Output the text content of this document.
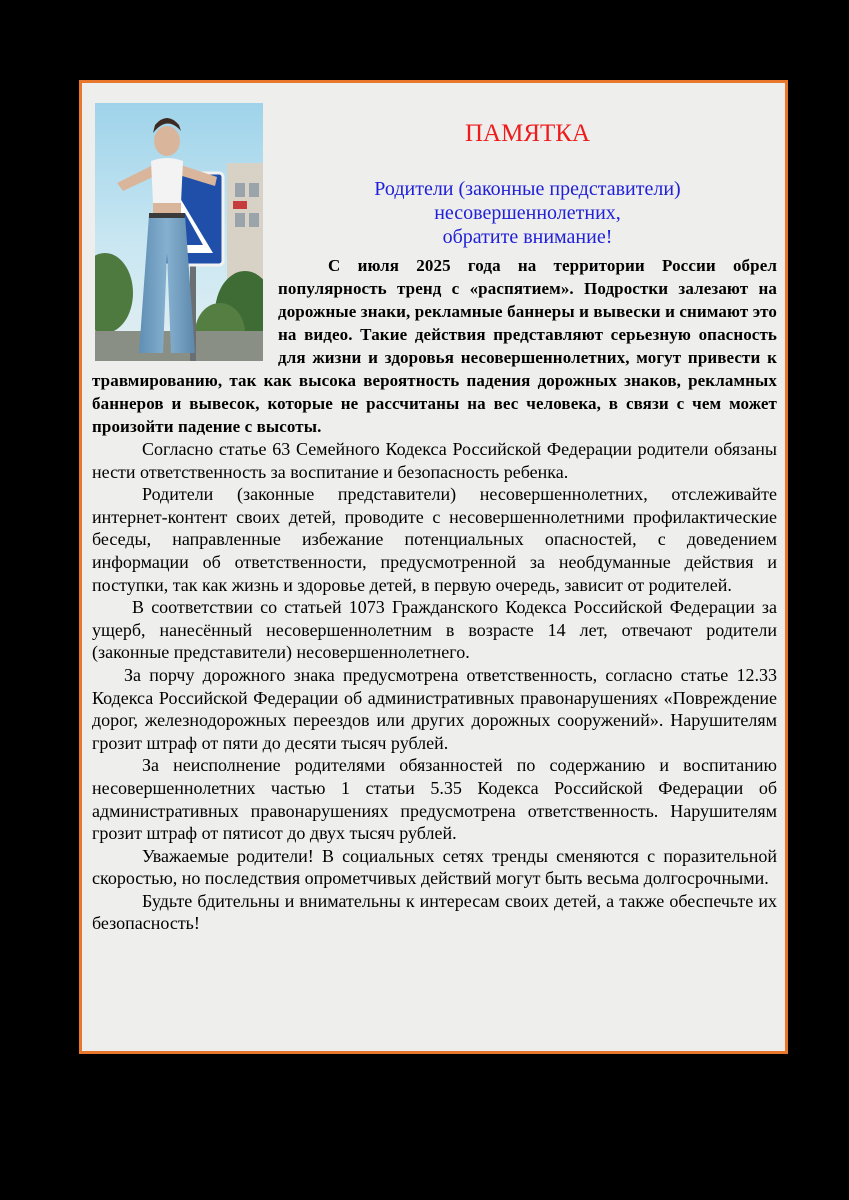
ПАМЯТКА
Родители (законные представители)
несовершеннолетних,
обратите внимание!

С июля 2025 года на территории России обрел популярность тренд с «распятием». Подростки залезают на дорожные знаки, рекламные баннеры и вывески и снимают это на видео. Такие действия представляют серьезную опасность для жизни и здоровья несовершеннолетних, могут привести к травмированию, так как высока вероятность падения дорожных знаков, рекламных баннеров и вывесок, которые не рассчитаны на вес человека, в связи с чем может произойти падение с высоты.

Согласно статье 63 Семейного Кодекса Российской Федерации родители обязаны нести ответственность за воспитание и безопасность ребенка.

Родители (законные представители) несовершеннолетних, отслеживайте интернет-контент своих детей, проводите с несовершеннолетними профилактические беседы, направленные избежание потенциальных опасностей, с доведением информации об ответственности, предусмотренной за необдуманные действия и поступки, так как жизнь и здоровье детей, в первую очередь, зависит от родителей.

В соответствии со статьей 1073 Гражданского Кодекса Российской Федерации за ущерб, нанесённый несовершеннолетним в возрасте 14 лет, отвечают родители (законные представители) несовершеннолетнего.

За порчу дорожного знака предусмотрена ответственность, согласно статье 12.33 Кодекса Российской Федерации об административных правонарушениях «Повреждение дорог, железнодорожных переездов или других дорожных сооружений». Нарушителям грозит штраф от пяти до десяти тысяч рублей.

За неисполнение родителями обязанностей по содержанию и воспитанию несовершеннолетних частью 1 статьи 5.35 Кодекса Российской Федерации об административных правонарушениях предусмотрена ответственность. Нарушителям грозит штраф от пятисот до двух тысяч рублей.

Уважаемые родители! В социальных сетях тренды сменяются с поразительной скоростью, но последствия опрометчивых действий могут быть весьма долгосрочными.

Будьте бдительны и внимательны к интересам своих детей, а также обеспечьте их безопасность!
